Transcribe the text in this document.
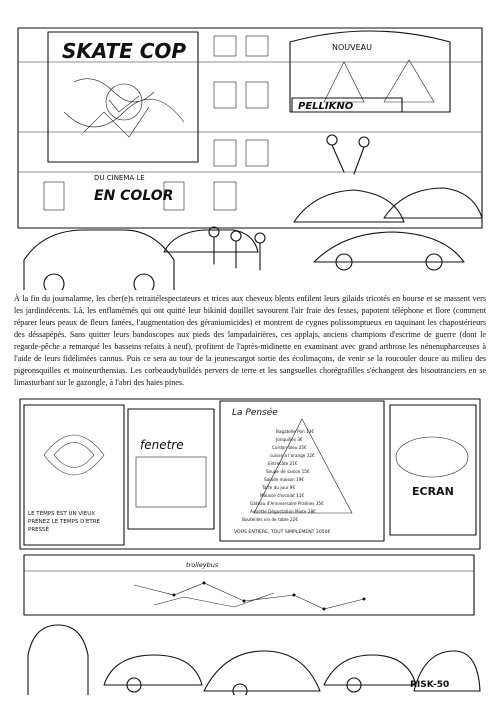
SKATE COP
DU CINEMA LE
EN COLOR
NOUVEAU
PELLIKNO

À la fin du journalarme, les cher(e)s retraitélespectateurs et trices aux cheveux blents enfilent leurs gilaids tricotés en bourse et se massent vers les jardindécents. Là, les enflamémés qui ont quitté leur bikinid douillet savourent l'air fraie des fesses, papotent téléphone et flore (comment réparer leurs peaux de fleurs fanées, l'augmentation des géraniumicides) et montrent de cygnes polissomptueux en taquinant les chapostérieurs des déssapépés. Sans quitter leurs bandoscopes aux pieds des lampadairières, ces applajs, anciens champions d'escrime de guerre (dont le regarde-pêche a remarqué les basseins refaits à neuf), profitent de l'après-midinette en examinant avec grand arthrose les nénenupharceuses à l'aide de leurs fidélimées cannus. Puis ce sera au tour de la jeunescargot sortie des écolimaçons, de venir se la roucouler douce au milieu des pigeonsquilles et moineurthensias. Les corbeaudybuildés pervers de terre et les sangsuelles chorégrafilles s'échangent des bisoutranciers en se limasturbant sur le gazongle, à l'abri des haies pines.

LE TEMPS EST UN VIEUX
PRENEZ LE TEMPS D'ETRE
PRESSÉ
fenetre
La Pensée
Bagatelle Pon 13€
Jonquilles 3€
Cordon bleu 25€
cuisse a l'orange 32€
Entrecôte 21€
Soupe de saison 15€
Salade maison 19€
Tarte du jour 9€
Mousse chocolat 11€
Gâteau d'Anniversaire Pralines 35€
Assiette Dégustation Mixte 28€
Bouteilles vin de table 22€
VOUS ENTIERE, TOUT SIMPLEMENT 2050€
ECRAN
trolleybus
RISK-50
